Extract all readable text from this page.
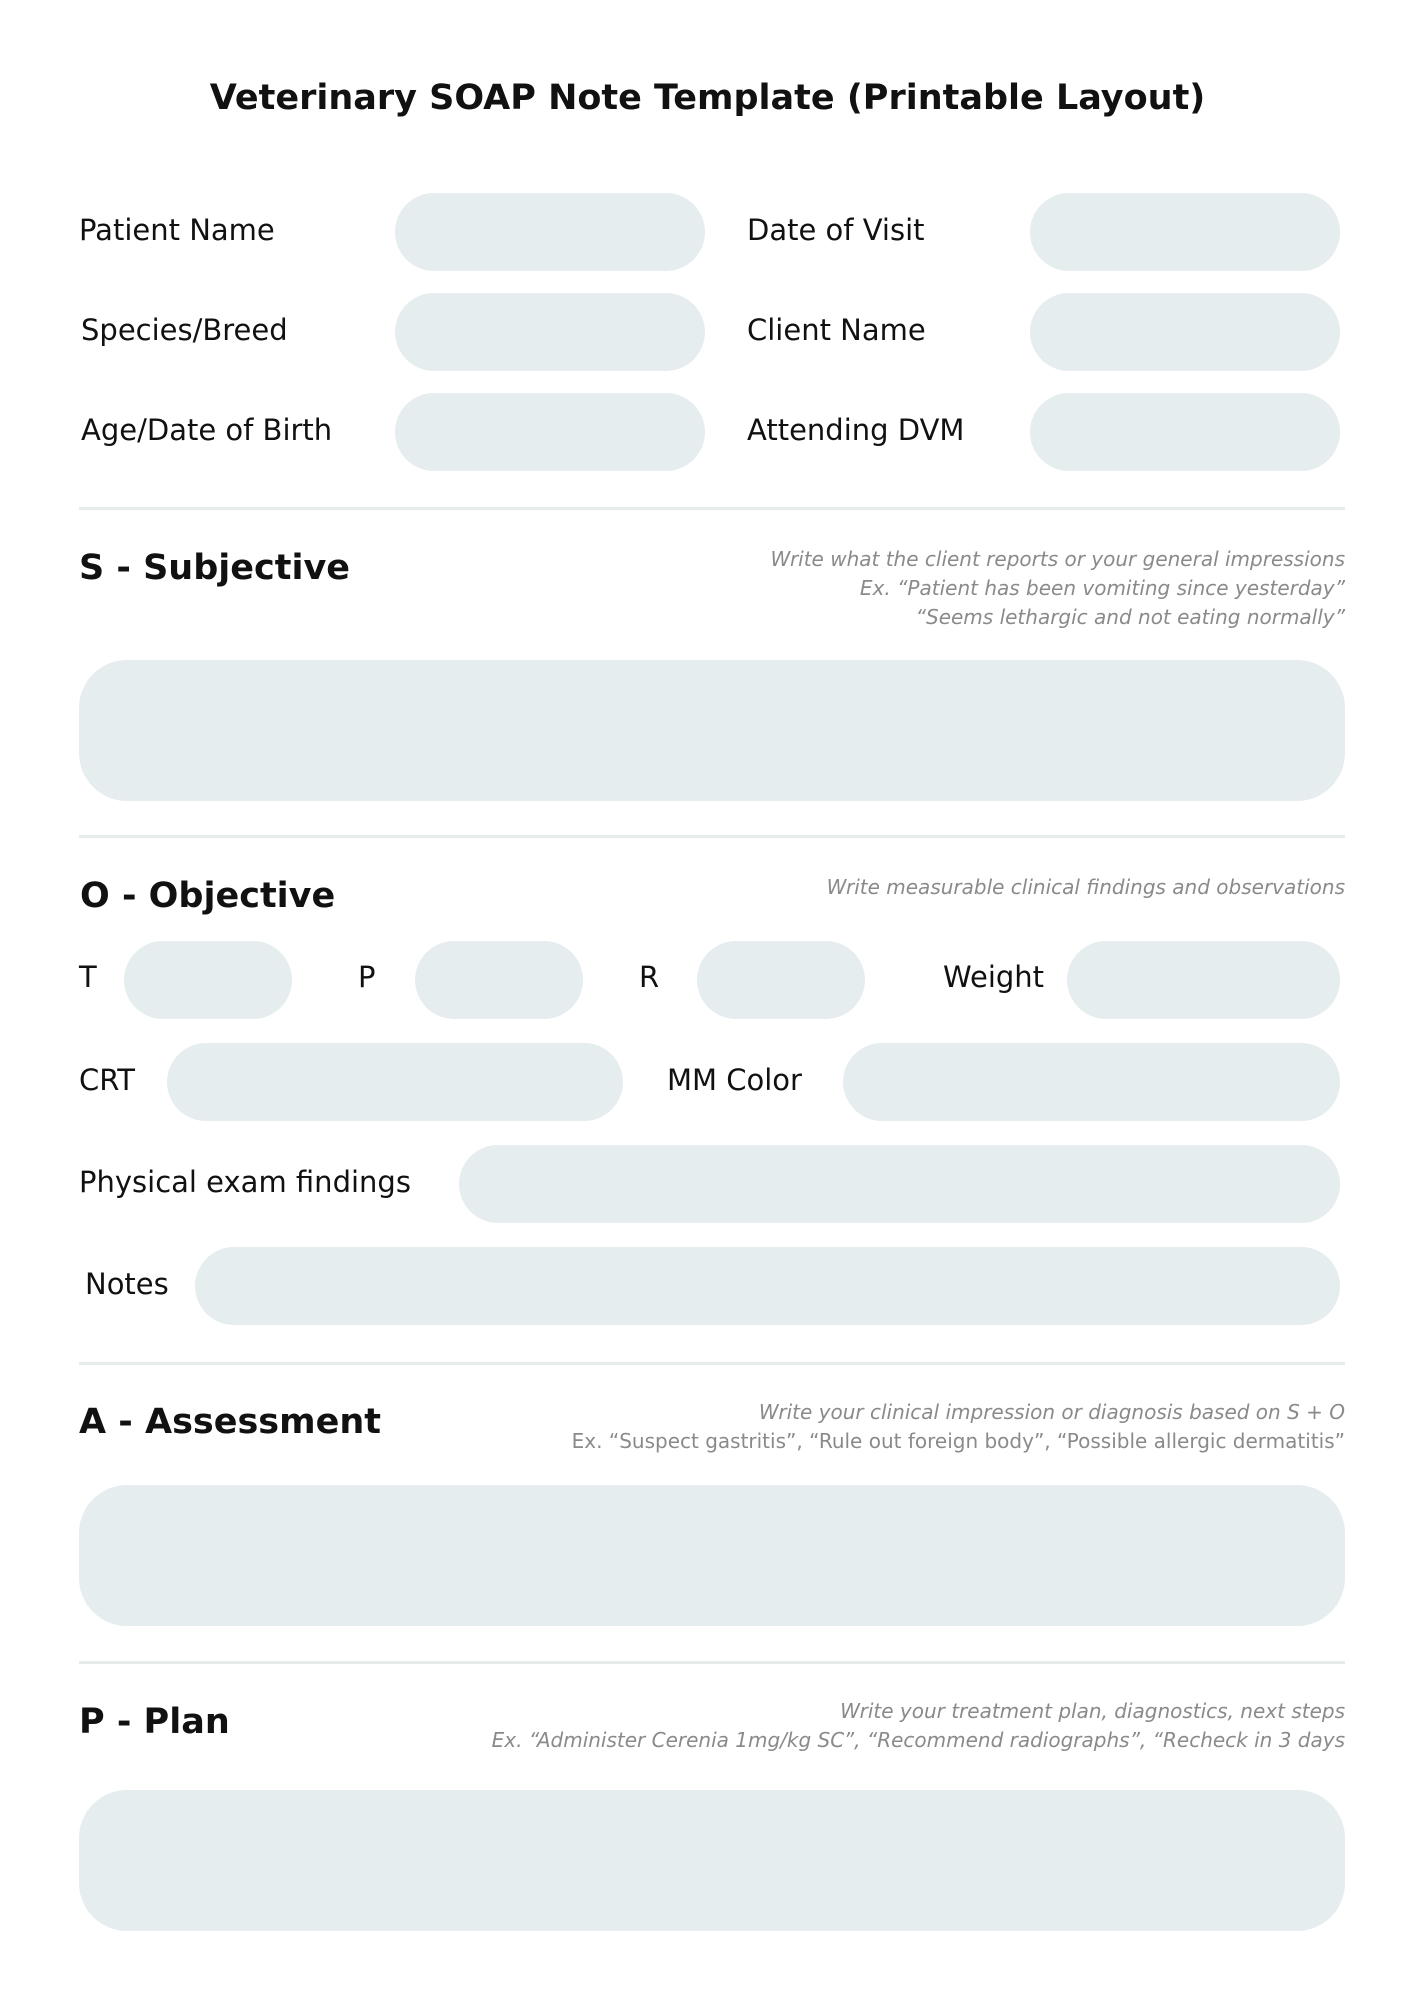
Veterinary SOAP Note Template (Printable Layout)
Patient Name	Date of Visit
Species/Breed	Client Name
Age/Date of Birth	Attending DVM
S - Subjective	Write what the client reports or your general impressions
Ex. “Patient has been vomiting since yesterday”
“Seems lethargic and not eating normally”
O - Objective	Write measurable clinical findings and observations
T	P	R	Weight
CRT	MM Color
Physical exam findings
Notes
A - Assessment	Write your clinical impression or diagnosis based on S + O
Ex. “Suspect gastritis”, “Rule out foreign body”, “Possible allergic dermatitis”
P - Plan	Write your treatment plan, diagnostics, next steps
Ex. “Administer Cerenia 1mg/kg SC”, “Recommend radiographs”, “Recheck in 3 days
